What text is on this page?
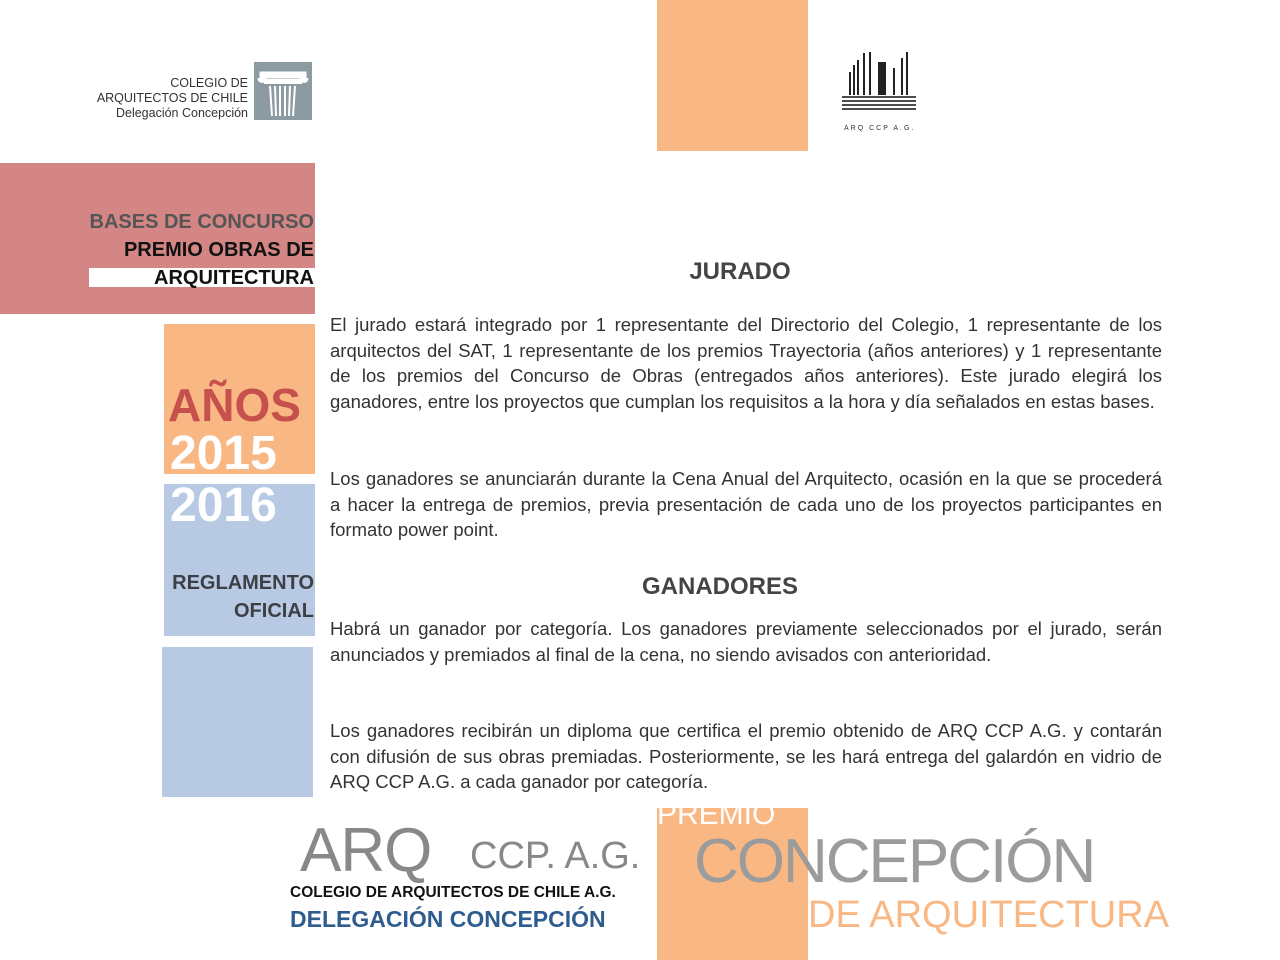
COLEGIO DE
ARQUITECTOS DE CHILE
Delegación Concepción
ARQ CCP A.G.
BASES DE CONCURSO
PREMIO OBRAS DE
ARQUITECTURA
AÑOS
2015
2016
REGLAMENTO
OFICIAL
JURADO
El jurado estará integrado por 1 representante del Directorio del Colegio, 1 representante de los arquitectos del SAT, 1 representante de los premios Trayectoria (años anteriores) y 1 representante de los premios del Concurso de Obras (entregados años anteriores). Este jurado elegirá los ganadores, entre los proyectos que cumplan los requisitos a la hora y día señalados en estas bases.
Los ganadores se anunciarán durante la Cena Anual del Arquitecto, ocasión en la que se procederá a hacer la entrega de premios, previa presentación de cada uno de los proyectos participantes en formato power point.
GANADORES
Habrá un ganador por categoría. Los ganadores previamente seleccionados por el jurado, serán anunciados y premiados al final de la cena, no siendo avisados con anterioridad.
Los ganadores recibirán un diploma que certifica el premio obtenido de ARQ CCP A.G. y contarán con difusión de sus obras premiadas. Posteriormente, se les hará entrega del galardón en vidrio de ARQ CCP A.G. a cada ganador por categoría.
ARQ CCP. A.G.
COLEGIO DE ARQUITECTOS DE CHILE A.G.
DELEGACIÓN CONCEPCIÓN
PREMIO
CONCEPCIÓN
DE ARQUITECTURA
